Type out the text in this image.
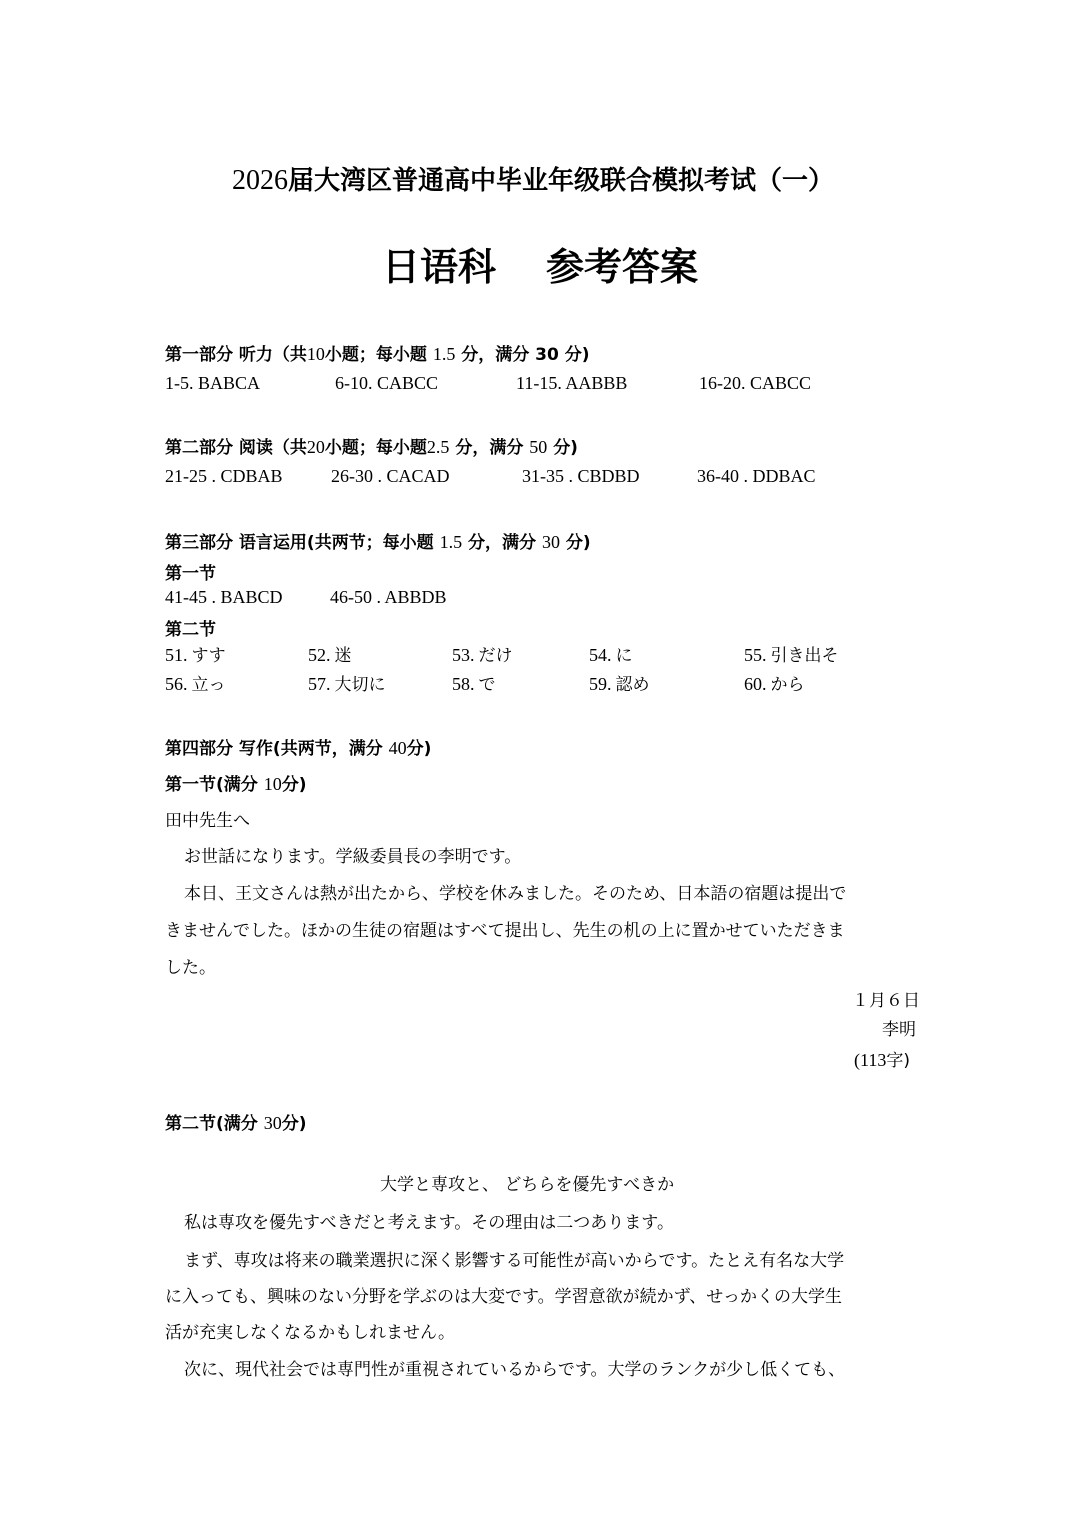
2026届大湾区普通高中毕业年级联合模拟考试（一）
日语科 参考答案
第一部分 听力（共10小题；每小题 1.5 分，满分 30 分)
1-5. BABCA	6-10. CABCC	11-15. AABBB	16-20. CABCC
第二部分 阅读（共20小题；每小题2.5 分，满分 50 分)
21-25 . CDBAB	26-30 . CACAD	31-35 . CBDBD	36-40 . DDBAC
第三部分 语言运用(共两节；每小题 1.5 分，满分 30 分)
第一节
41-45 . BABCD	46-50 . ABBDB
第二节
51. すす	52. 迷	53. だけ	54. に	55. 引き出そ
56. 立っ	57. 大切に	58. で	59. 認め	60. から
第四部分 写作(共两节，满分 40分)
第一节(满分 10分)
田中先生へ
お世話になります。学級委員長の李明です。
本日、王文さんは熱が出たから、学校を休みました。そのため、日本語の宿題は提出で
きませんでした。ほかの生徒の宿題はすべて提出し、先生の机の上に置かせていただきま
した。
１月６日
李明
(113字)
第二节(满分 30分)
大学と専攻と、 どちらを優先すべきか
私は専攻を優先すべきだと考えます。その理由は二つあります。
まず、専攻は将来の職業選択に深く影響する可能性が高いからです。たとえ有名な大学
に入っても、興味のない分野を学ぶのは大変です。学習意欲が続かず、せっかくの大学生
活が充実しなくなるかもしれません。
次に、現代社会では専門性が重視されているからです。大学のランクが少し低くても、
